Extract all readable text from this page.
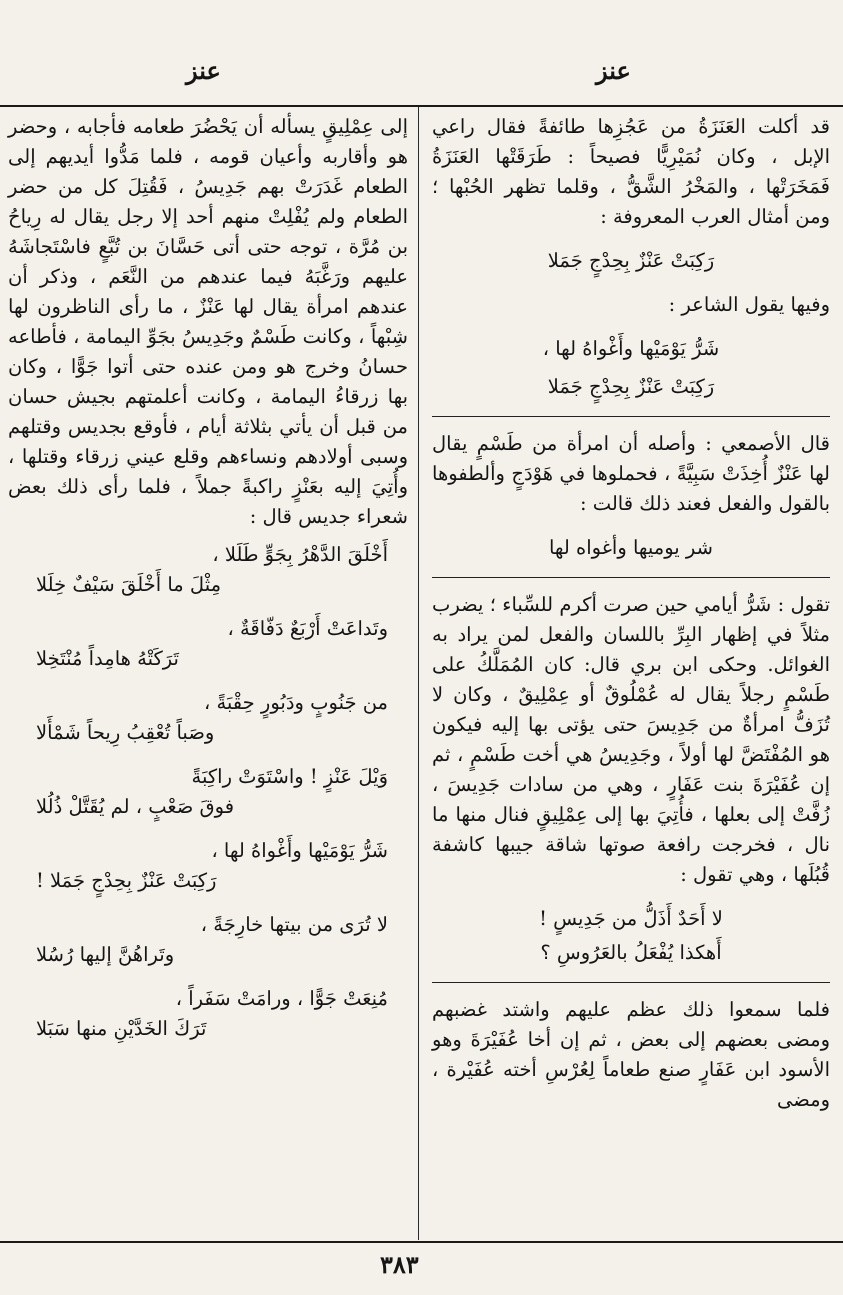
عنز	عنز

قد أكلت العَنَزَةُ من عَجُزِها طائفةً فقال راعي الإبل ، وكان نُمَيْرِيًّا فصيحاً : طَرَقَتْها العَنَزَةُ فَمَخَرَتْها ، والمَخْرُ الشَّقُّ ، وقلما تظهر الحُبْها ؛ ومن أمثال العرب المعروفة :

رَكِبَتْ عَنْزٌ بِحِدْجٍ جَمَلا

وفيها يقول الشاعر :

شَرُّ يَوْمَيْها وأَغْواهُ لها ،
رَكِبَتْ عَنْزٌ بِحِدْجٍ جَمَلا

قال الأصمعي : وأصله أن امرأة من طَسْمٍ يقال لها عَنْزٌ أُخِذَتْ سَبِيَّةً ، فحملوها في هَوْدَجٍ وألطفوها بالقول والفعل فعند ذلك قالت :

شر يوميها وأغواه لها

تقول : شَرُّ أيامي حين صرت أكرم للسِّباء ؛ يضرب مثلاً في إظهار البِرِّ باللسان والفعل لمن يراد به الغوائل. وحكى ابن بري قال: كان المُمَلَّكُ على طَسْمٍ رجلاً يقال له عُمْلُوقٌ أو عِمْلِيقٌ ، وكان لا تُزَفُّ امرأةٌ من جَدِيسَ حتى يؤتى بها إليه فيكون هو المُفْتَضَّ لها أولاً ، وجَدِيسُ هي أخت طَسْمٍ ، ثم إن عُفَيْرَةَ بنت عَفَارٍ ، وهي من سادات جَدِيسَ ، زُفَّتْ إلى بعلها ، فأُتِيَ بها إلى عِمْلِيقٍ فنال منها ما نال ، فخرجت رافعة صوتها شاقة جيبها كاشفة قُبُلَها ، وهي تقول :

لا أَحَدٌ أَذَلُّ من جَدِيسٍ !
أَهكذا يُفْعَلُ بالعَرُوسِ ؟

فلما سمعوا ذلك عظم عليهم واشتد غضبهم ومضى بعضهم إلى بعض ، ثم إن أخا عُفَيْرَةَ وهو الأسود ابن عَفَارٍ صنع طعاماً لِعُرْسِ أخته عُفَيْرة ، ومضى

إلى عِمْلِيقٍ يسأله أن يَحْضُرَ طعامه فأجابه ، وحضر هو وأقاربه وأعيان قومه ، فلما مَدُّوا أيديهم إلى الطعام غَدَرَتْ بهم جَدِيسُ ، فَقُتِلَ كل من حضر الطعام ولم يُفْلِتْ منهم أحد إلا رجل يقال له رِياحُ بن مُرَّة ، توجه حتى أتى حَسَّانَ بن تُبَّعٍ فاسْتَجاشَهُ عليهم ورَغَّبَهُ فيما عندهم من النَّعَم ، وذكر أن عندهم امرأة يقال لها عَنْزٌ ، ما رأى الناظرون لها شِبْهاً ، وكانت طَسْمٌ وجَدِيسُ بجَوِّ اليمامة ، فأطاعه حسانُ وخرج هو ومن عنده حتى أتوا جَوًّا ، وكان بها زرقاءُ اليمامة ، وكانت أعلمتهم بجيش حسان من قبل أن يأتي بثلاثة أيام ، فأوقع بجديس وقتلهم وسبى أولادهم ونساءهم وقلع عيني زرقاء وقتلها ، وأُتِيَ إليه بعَنْزٍ راكبةً جملاً ، فلما رأى ذلك بعض شعراء جديس قال :

أَخْلَقَ الدَّهْرُ بِجَوٍّ طَلَلا ،
مِثْلَ ما أَخْلَقَ سَيْفٌ خِلَلا
وتَداعَتْ أَرْبَعٌ دَفّاقَةٌ ،
تَرَكَتْهُ هامِداً مُنْتَخِلا
من جَنُوبٍ ودَبُورٍ حِقْبَةً ،
وصَباً تُعْقِبُ رِيحاً شَمْأَلا
وَيْلَ عَنْزٍ ! واسْتَوَتْ راكِبَةً
فوقَ صَعْبٍ ، لم يُقَتَّلْ ذُلُلا
شَرُّ يَوْمَيْها وأَغْواهُ لها ،
رَكِبَتْ عَنْزٌ بِحِدْجٍ جَمَلا !
لا تُرَى من بيتها خارِجَةً ،
وتَراهُنَّ إليها رُسُلا
مُنِعَتْ جَوًّا ، ورامَتْ سَفَراً ،
تَرَكَ الخَدَّيْنِ منها سَبَلا
٣٨٣
